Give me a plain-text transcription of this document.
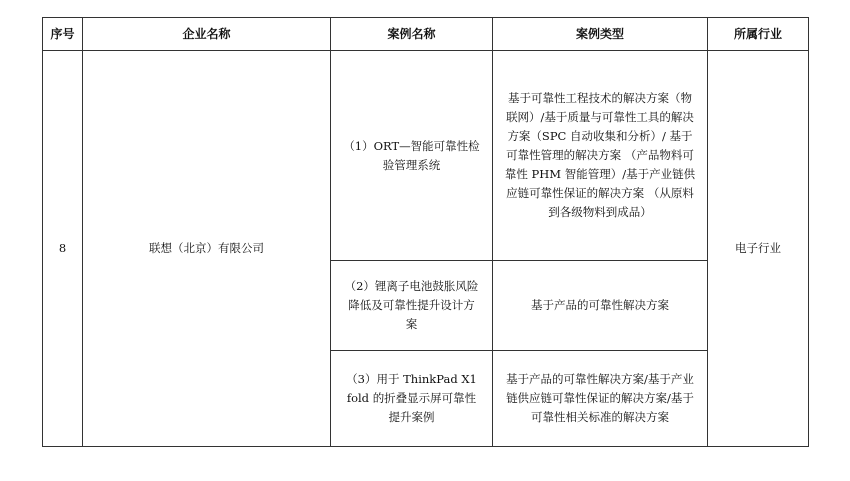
序号	企业名称	案例名称	案例类型	所属行业
8	联想（北京）有限公司	（1）ORT—智能可靠性检验管理系统	基于可靠性工程技术的解决方案（物联网）/基于质量与可靠性工具的解决方案（SPC 自动收集和分析）/ 基于可靠性管理的解决方案 （产品物料可靠性 PHM 智能管理）/基于产业链供应链可靠性保证的解决方案 （从原料到各级物料到成品）	电子行业
		（2）锂离子电池鼓胀风险降低及可靠性提升设计方案	基于产品的可靠性解决方案	
		（3）用于 ThinkPad X1 fold 的折叠显示屏可靠性提升案例	基于产品的可靠性解决方案/基于产业链供应链可靠性保证的解决方案/基于可靠性相关标准的解决方案	
